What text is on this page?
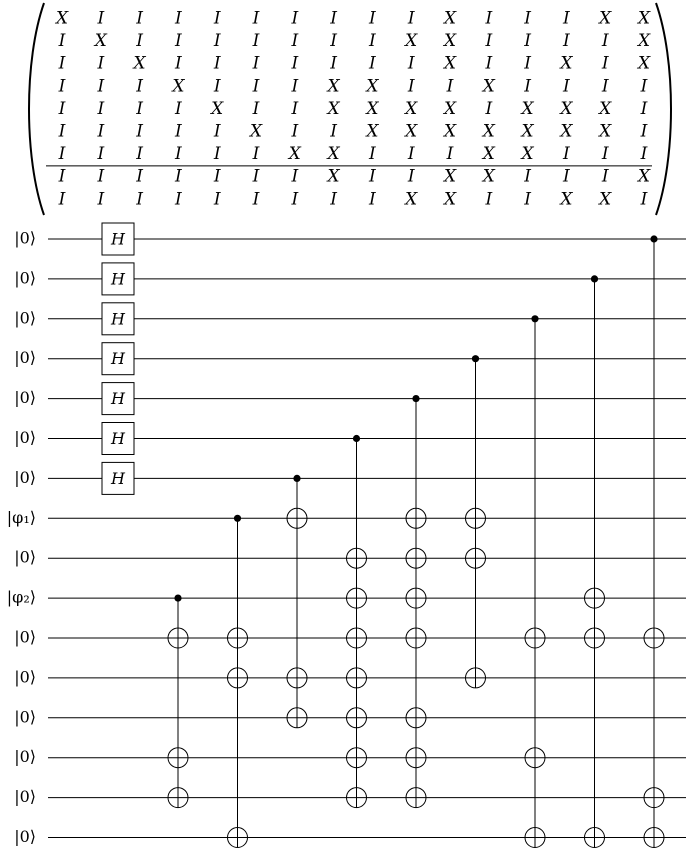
X I I I I I I I I I X I I I X X
I X I I I I I I I X X I I I I X
I I X I I I I I I I X I I X I X
I I I X I I I X X I I X I I I I
I I I I X I I X X X X I X X X I
I I I I I X I I X X X X X X X I
I I I I I I X X I I I X X I I I
I I I I I I I X I I X X I I I X
I I I I I I I I I X X I I X X I
|0⟩
|0⟩
|0⟩
|0⟩
|0⟩
|0⟩
|0⟩
|φ₁⟩
|0⟩
|φ₂⟩
|0⟩
|0⟩
|0⟩
|0⟩
|0⟩
|0⟩
H
H
H
H
H
H
H
